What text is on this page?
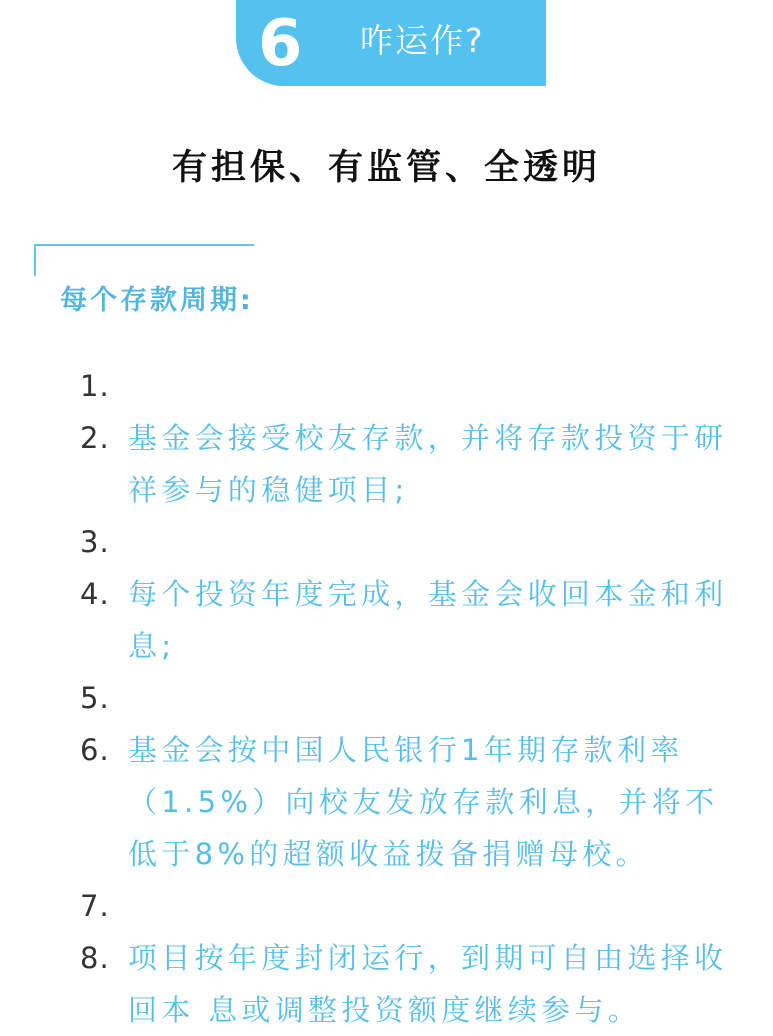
6 咋运作?
有担保、有监管、全透明
每个存款周期:
1.
2. 基金会接受校友存款，并将存款投资于研祥参与的稳健项目;
3.
4. 每个投资年度完成，基金会收回本金和利息;
5.
6. 基金会按中国人民银行1年期存款利率（1.5%）向校友发放存款利息，并将不低于8%的超额收益拨备捐赠母校。
7.
8. 项目按年度封闭运行，到期可自由选择收回本 息或调整投资额度继续参与。
